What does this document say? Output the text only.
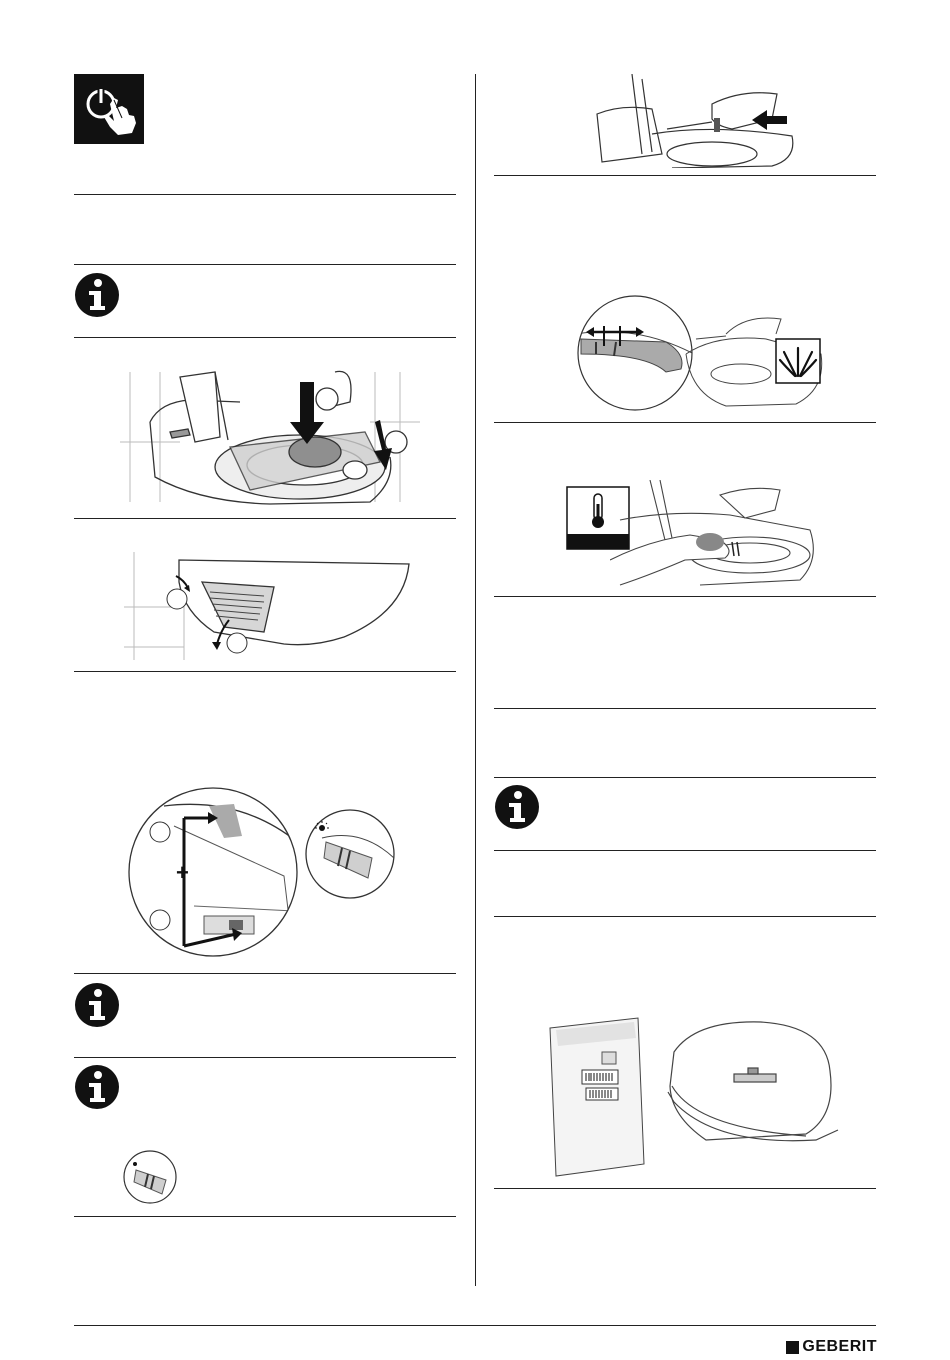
+
GEBERIT
